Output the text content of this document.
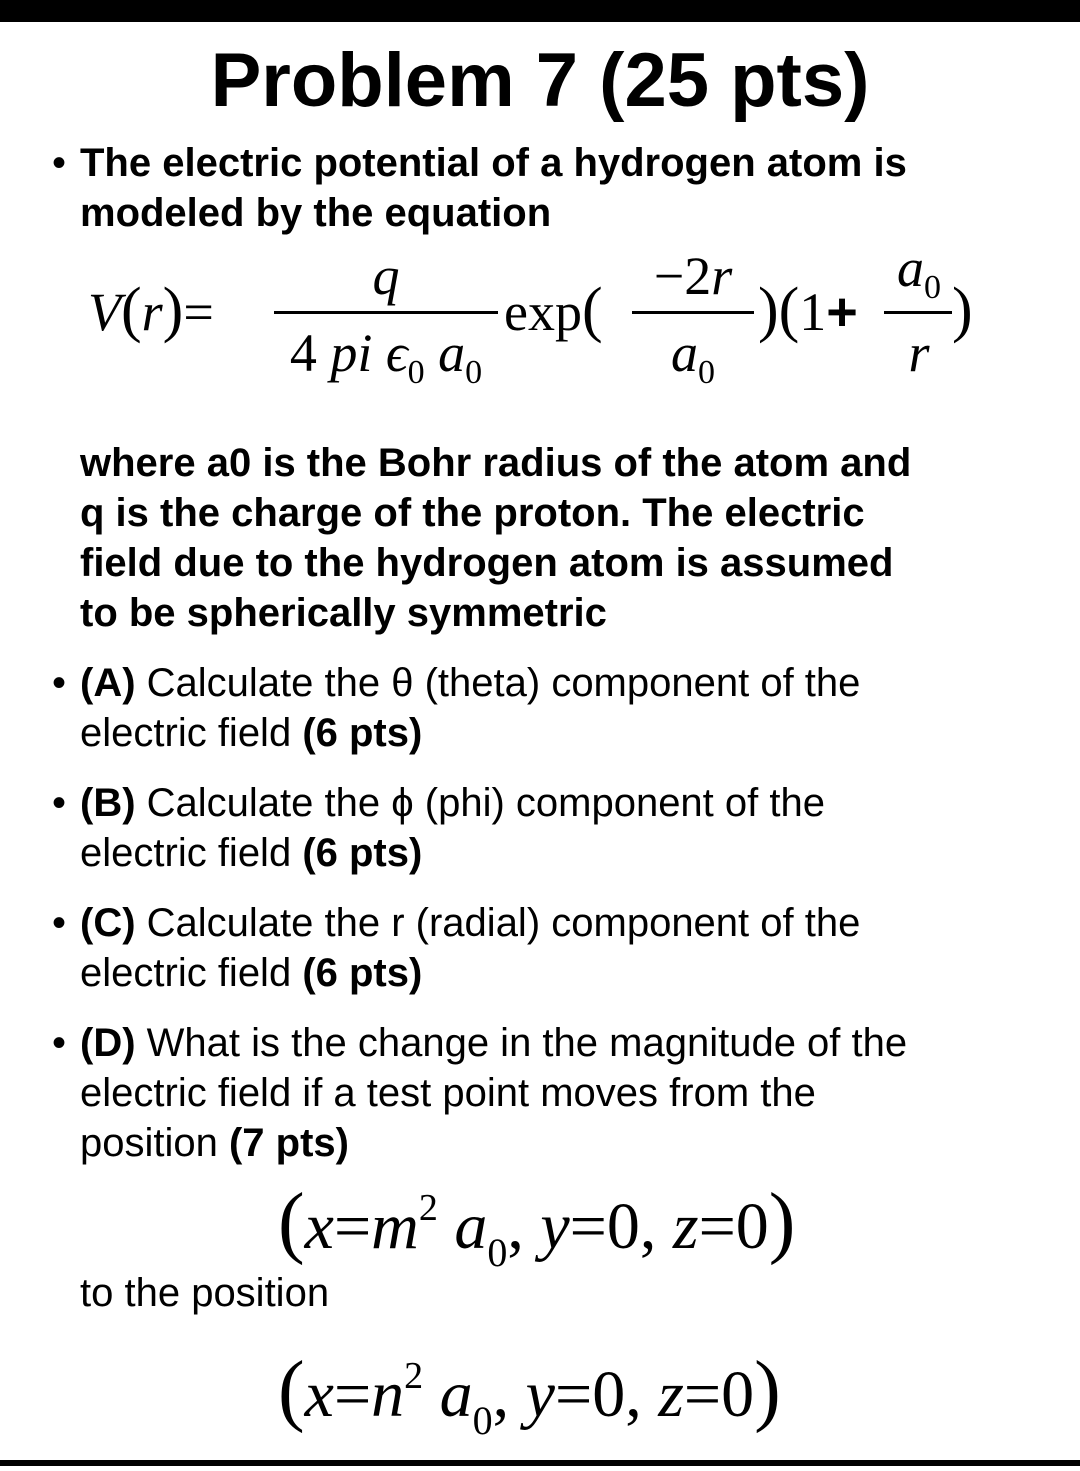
Problem 7 (25 pts)
• The electric potential of a hydrogen atom is
modeled by the equation

V(r)=
q
4 pi $\epsilon_0$ $a_0$
exp( −2r
$a_0$
)(1+
$a_0$
r
)

where a0 is the Bohr radius of the atom and
q is the charge of the proton. The electric
field due to the hydrogen atom is assumed
to be spherically symmetric

• (A) Calculate the θ (theta) component of the
electric field (6 pts)

• (B) Calculate the ϕ (phi) component of the
electric field (6 pts)

• (C) Calculate the r (radial) component of the
electric field (6 pts)

• (D) What is the change in the magnitude of the
electric field if a test point moves from the
position (7 pts)

($x=m^2$ $a_0$, y=0, z=0)

to the position

($x=n^2$ $a_0$, y=0, z=0)
